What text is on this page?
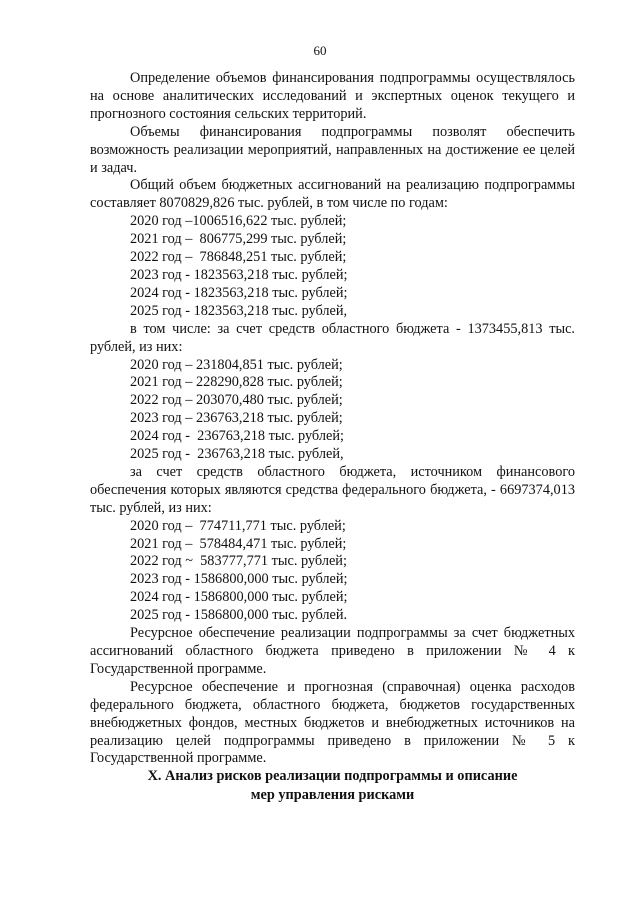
60

Определение объемов финансирования подпрограммы осуществлялось на основе аналитических исследований и экспертных оценок текущего и прогнозного состояния сельских территорий.

Объемы финансирования подпрограммы позволят обеспечить возможность реализации мероприятий, направленных на достижение ее целей и задач.

Общий объем бюджетных ассигнований на реализацию подпрограммы составляет 8070829,826 тыс. рублей, в том числе по годам:

2020 год –1006516,622 тыс. рублей;

2021 год –  806775,299 тыс. рублей;

2022 год –  786848,251 тыс. рублей;

2023 год - 1823563,218 тыс. рублей;

2024 год - 1823563,218 тыс. рублей;

2025 год - 1823563,218 тыс. рублей,

в том числе: за счет средств областного бюджета - 1373455,813 тыс. рублей, из них:

2020 год – 231804,851 тыс. рублей;

2021 год – 228290,828 тыс. рублей;

2022 год – 203070,480 тыс. рублей;

2023 год – 236763,218 тыс. рублей;

2024 год -  236763,218 тыс. рублей;

2025 год -  236763,218 тыс. рублей,

за счет средств областного бюджета, источником финансового обеспечения которых являются средства федерального бюджета, - 6697374,013 тыс. рублей, из них:

2020 год –  774711,771 тыс. рублей;

2021 год –  578484,471 тыс. рублей;

2022 год ~  583777,771 тыс. рублей;

2023 год - 1586800,000 тыс. рублей;

2024 год - 1586800,000 тыс. рублей;

2025 год - 1586800,000 тыс. рублей.

Ресурсное обеспечение реализации подпрограммы за счет бюджетных ассигнований областного бюджета приведено в приложении № 4 к Государственной программе.

Ресурсное обеспечение и прогнозная (справочная) оценка расходов федерального бюджета, областного бюджета, бюджетов государственных внебюджетных фондов, местных бюджетов и внебюджетных источников на реализацию целей подпрограммы приведено в приложении № 5 к Государственной программе.

X. Анализ рисков реализации подпрограммы и описание
мер управления рисками
